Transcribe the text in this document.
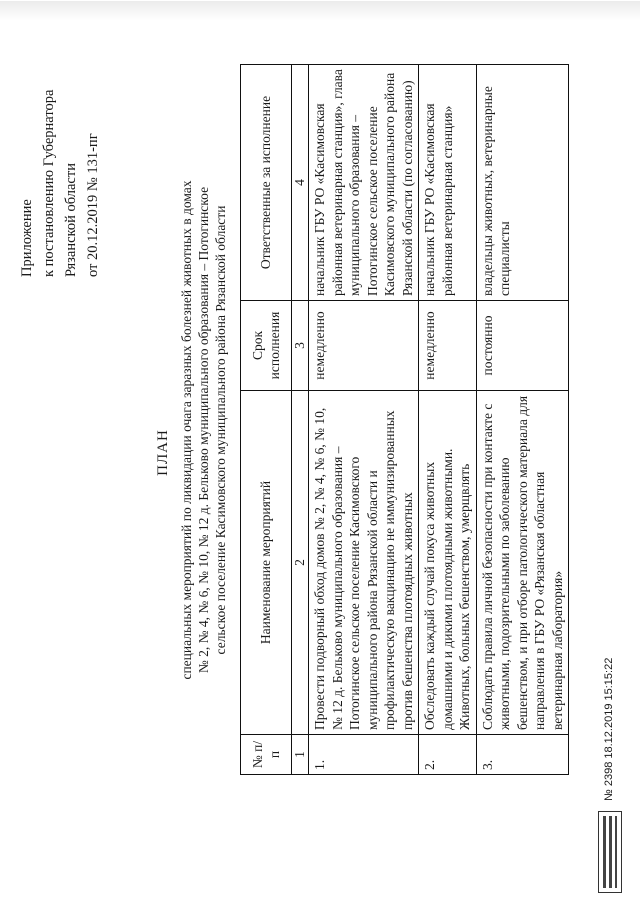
Приложение к постановлению Губернатора Рязанской области от 20.12.2019 № 131-пг
ПЛАН специальных мероприятий по ликвидации очага заразных болезней животных в домах № 2, № 4, № 6, № 10, № 12 д. Бельково муниципального образования – Потогинское сельское поселение Касимовского муниципального района Рязанской области
№ п/п	Наименование мероприятий	Срок исполнения	Ответственные за исполнение
1	2	3	4
1.	Провести подворный обход домов № 2, № 4, № 6, № 10, № 12 д. Бельково муниципального образования – Потогинское сельское поселение Касимовского муниципального района Рязанской области и профилактическую вакцинацию не иммунизированных против бешенства плотоядных животных	немедленно	начальник ГБУ РО «Касимовская районная ветеринарная станция», глава муниципального образования – Потогинское сельское поселение Касимовского муниципального района Рязанской области (по согласованию)
2.	Обследовать каждый случай покуса животных домашними и дикими плотоядными животными. Животных, больных бешенством, умерщвлять	немедленно	начальник ГБУ РО «Касимовская районная ветеринарная станция»
3.	Соблюдать правила личной безопасности при контакте с животными, подозрительными по заболеванию бешенством, и при отборе патологического материала для направления в ГБУ РО «Рязанская областная ветеринарная лаборатория»	постоянно	владельцы животных, ветеринарные специалисты
№ 2398 18.12.2019 15:15:22
